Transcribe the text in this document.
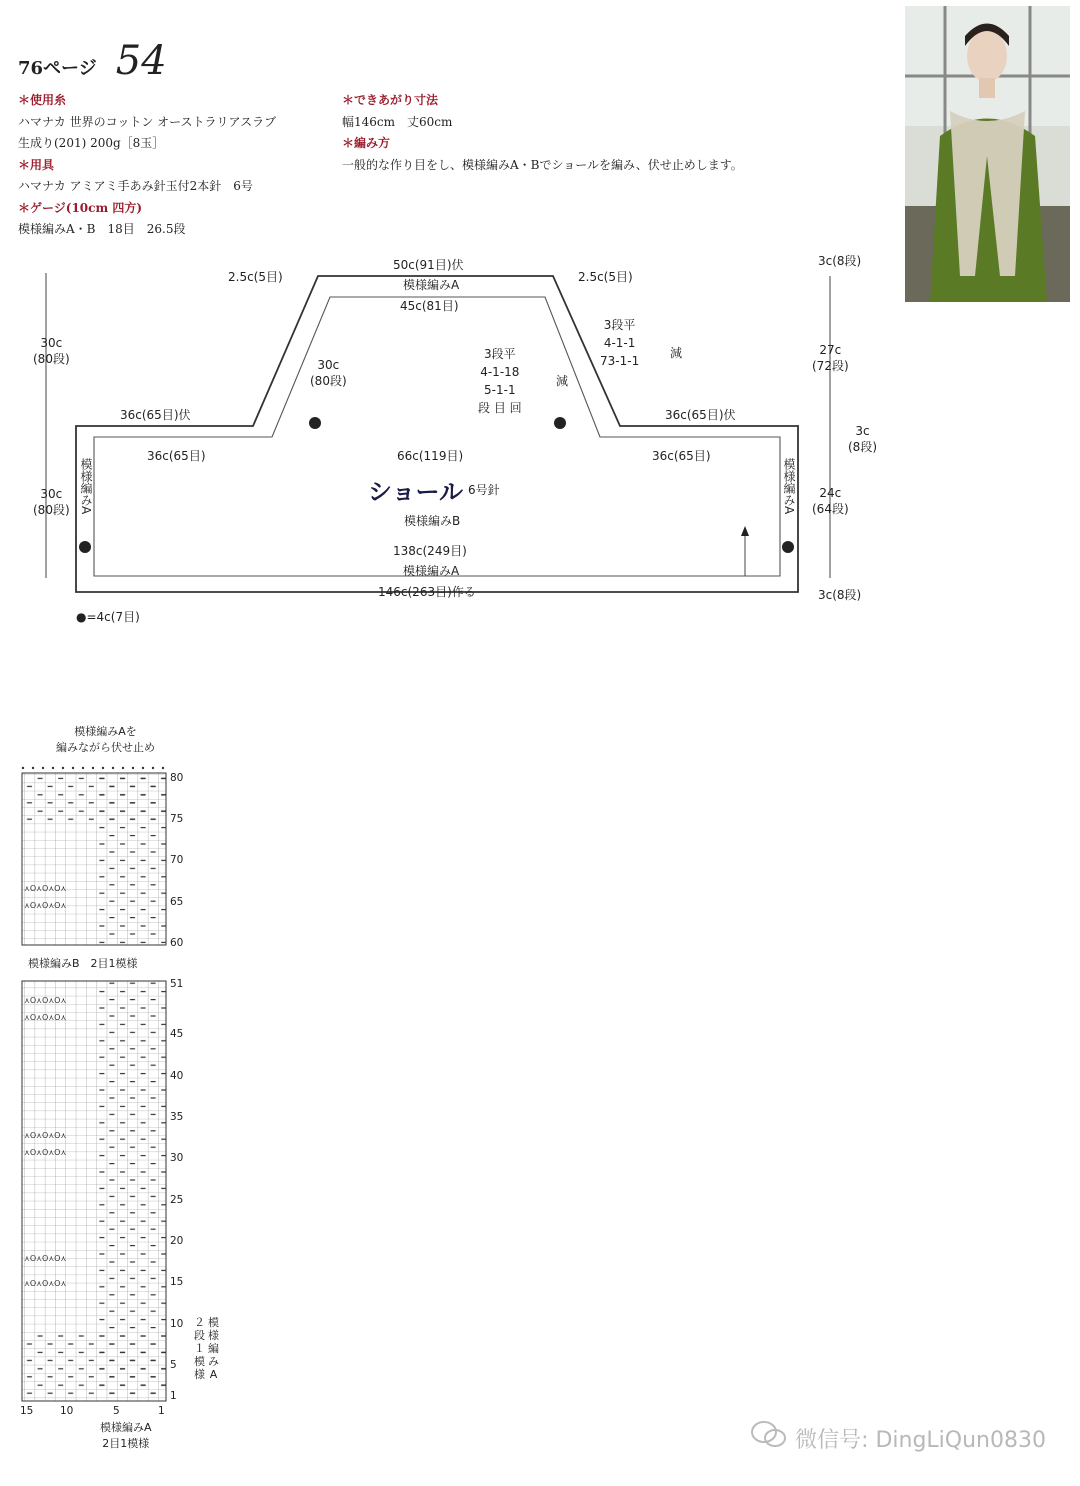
76ページ 54
＊使用糸
ハマナカ 世界のコットン オーストラリアスラブ
生成り(201) 200g［8玉］
＊用具
ハマナカ アミアミ手あみ針玉付2本針　6号
＊ゲージ(10cm 四方)
模様編みA・B　18目　26.5段
＊できあがり寸法
幅146cm　丈60cm
＊編み方
一般的な作り目をし、模様編みA・Bでショールを編み、伏せ止めします。
50c(91目)伏
模様編みA
45c(81目)
2.5c(5目)	2.5c(5目)
30c
(80段)
30c
(80段)
30c
(80段)
3段平
4-1-18
5-1-1
段 目 回
減
3段平
4-1-1
73-1-1
減
36c(65目)伏	36c(65目)伏
36c(65目)	66c(119目)	36c(65目)
ショール 6号針
模様編みB
138c(249目)
模様編みA
146c(263目)作る
模様編みA	模様編みA
3c(8段)
27c
(72段)
3c
(8段)
24c
(64段)
3c(8段)
●=4c(7目)
模様編みAを
編みながら伏せ止め
⋏O⋏O⋏O⋏
⋏O⋏O⋏O⋏
⋏O⋏O⋏O⋏
⋏O⋏O⋏O⋏
⋏O⋏O⋏O⋏
⋏O⋏O⋏O⋏
⋏O⋏O⋏O⋏
⋏O⋏O⋏O⋏
模様編みB　2目1模様
80
75
70
65
60
51
45
40
35
30
25
20
15
10
5
1
２
段
１
模
様
模
様
編
み
A
15	10	5	1
模様編みA
2目1模様	微信号: DingLiQun0830
